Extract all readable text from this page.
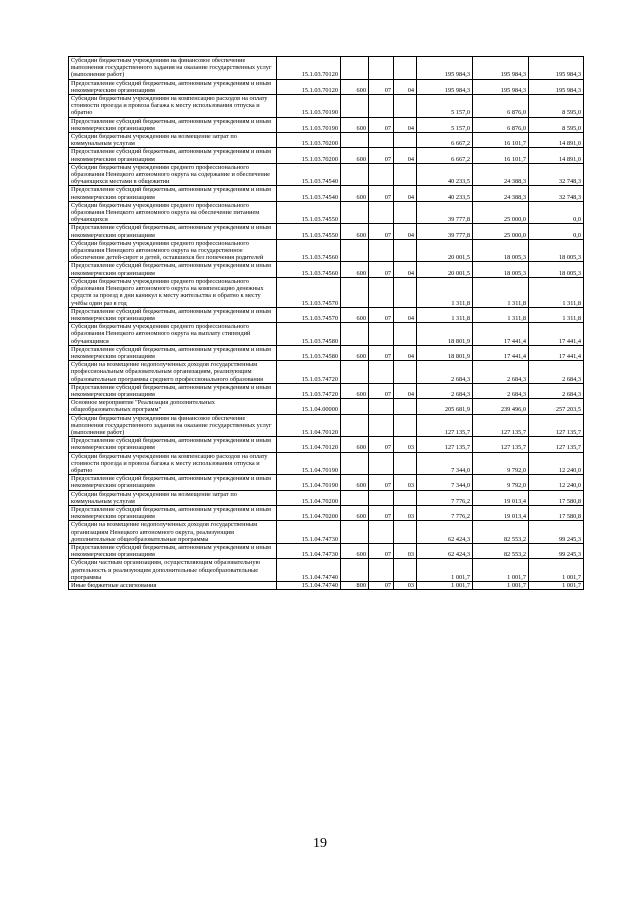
Субсидии бюджетным учреждениям на финансовое обеспечение выполнения государственного задания на оказание государственных услуг (выполнение работ)	15.1.03.70120				195 984,3	195 984,3	195 984,3
Предоставление субсидий бюджетным, автономным учреждениям и иным некоммерческим организациям	15.1.03.70120	600	07	04	195 984,3	195 984,3	195 984,3
Субсидии бюджетным учреждениям на компенсацию расходов на оплату стоимости проезда и провоза багажа к месту использования отпуска и обратно	15.1.03.70190				5 157,0	6 876,0	8 595,0
Предоставление субсидий бюджетным, автономным учреждениям и иным некоммерческим организациям	15.1.03.70190	600	07	04	5 157,0	6 876,0	8 595,0
Субсидии бюджетным учреждениям на возмещение затрат по коммунальным услугам	15.1.03.70200				6 667,2	16 101,7	14 891,0
Предоставление субсидий бюджетным, автономным учреждениям и иным некоммерческим организациям	15.1.03.70200	600	07	04	6 667,2	16 101,7	14 891,0
Субсидии бюджетным учреждениям среднего профессионального образования Ненецкого автономного округа на содержание и обеспечение обучающихся местами в общежитии	15.1.03.74540				40 233,5	24 388,3	32 748,3
Предоставление субсидий бюджетным, автономным учреждениям и иным некоммерческим организациям	15.1.03.74540	600	07	04	40 233,5	24 388,3	32 748,3
Субсидии бюджетным учреждениям среднего профессионального образования Ненецкого автономного округа на обеспечение питанием обучающихся	15.1.03.74550				39 777,8	25 000,0	0,0
Предоставление субсидий бюджетным, автономным учреждениям и иным некоммерческим организациям	15.1.03.74550	600	07	04	39 777,8	25 000,0	0,0
Субсидии бюджетным учреждениям среднего профессионального образования Ненецкого автономного округа на государственное обеспечение детей-сирот и детей, оставшихся без попечения родителей	15.1.03.74560				20 001,5	18 005,3	18 005,3
Предоставление субсидий бюджетным, автономным учреждениям и иным некоммерческим организациям	15.1.03.74560	600	07	04	20 001,5	18 005,3	18 005,3
Субсидии бюджетным учреждениям среднего профессионального образования Ненецкого автономного округа на компенсацию денежных средств за проезд в дни каникул к месту жительства и обратно к месту учёбы один раз в год	15.1.03.74570				1 311,8	1 311,8	1 311,8
Предоставление субсидий бюджетным, автономным учреждениям и иным некоммерческим организациям	15.1.03.74570	600	07	04	1 311,8	1 311,8	1 311,8
Субсидии бюджетным учреждениям среднего профессионального образования Ненецкого автономного округа на выплату стипендий обучающимся	15.1.03.74580				18 801,9	17 441,4	17 441,4
Предоставление субсидий бюджетным, автономным учреждениям и иным некоммерческим организациям	15.1.03.74580	600	07	04	18 801,9	17 441,4	17 441,4
Субсидии на возмещение недополученных доходов государственным профессиональным образовательным организациям, реализующим образовательные программы среднего профессионального образования	15.1.03.74720				2 684,3	2 684,3	2 684,3
Предоставление субсидий бюджетным, автономным учреждениям и иным некоммерческим организациям	15.1.03.74720	600	07	04	2 684,3	2 684,3	2 684,3
Основное мероприятие "Реализация дополнительных общеобразовательных программ"	15.1.04.00000				205 681,9	239 496,0	257 203,5
Субсидии бюджетным учреждениям на финансовое обеспечение выполнения государственного задания на оказание государственных услуг (выполнение работ)	15.1.04.70120				127 135,7	127 135,7	127 135,7
Предоставление субсидий бюджетным, автономным учреждениям и иным некоммерческим организациям	15.1.04.70120	600	07	03	127 135,7	127 135,7	127 135,7
Субсидии бюджетным учреждениям на компенсацию расходов на оплату стоимости проезда и провоза багажа к месту использования отпуска и обратно	15.1.04.70190				7 344,0	9 792,0	12 240,0
Предоставление субсидий бюджетным, автономным учреждениям и иным некоммерческим организациям	15.1.04.70190	600	07	03	7 344,0	9 792,0	12 240,0
Субсидии бюджетным учреждениям на возмещение затрат по коммунальным услугам	15.1.04.70200				7 776,2	19 013,4	17 580,8
Предоставление субсидий бюджетным, автономным учреждениям и иным некоммерческим организациям	15.1.04.70200	600	07	03	7 776,2	19 013,4	17 580,8
Субсидии на возмещение недополученных доходов государственным организациям Ненецкого автономного округа, реализующим дополнительные общеобразовательные программы	15.1.04.74730				62 424,3	82 553,2	99 245,3
Предоставление субсидий бюджетным, автономным учреждениям и иным некоммерческим организациям	15.1.04.74730	600	07	03	62 424,3	82 553,2	99 245,3
Субсидии частным организациям, осуществляющим образовательную деятельность и реализующим дополнительные общеобразовательные программы	15.1.04.74740				1 001,7	1 001,7	1 001,7
Иные бюджетные ассигнования	15.1.04.74740	800	07	03	1 001,7	1 001,7	1 001,7
19
